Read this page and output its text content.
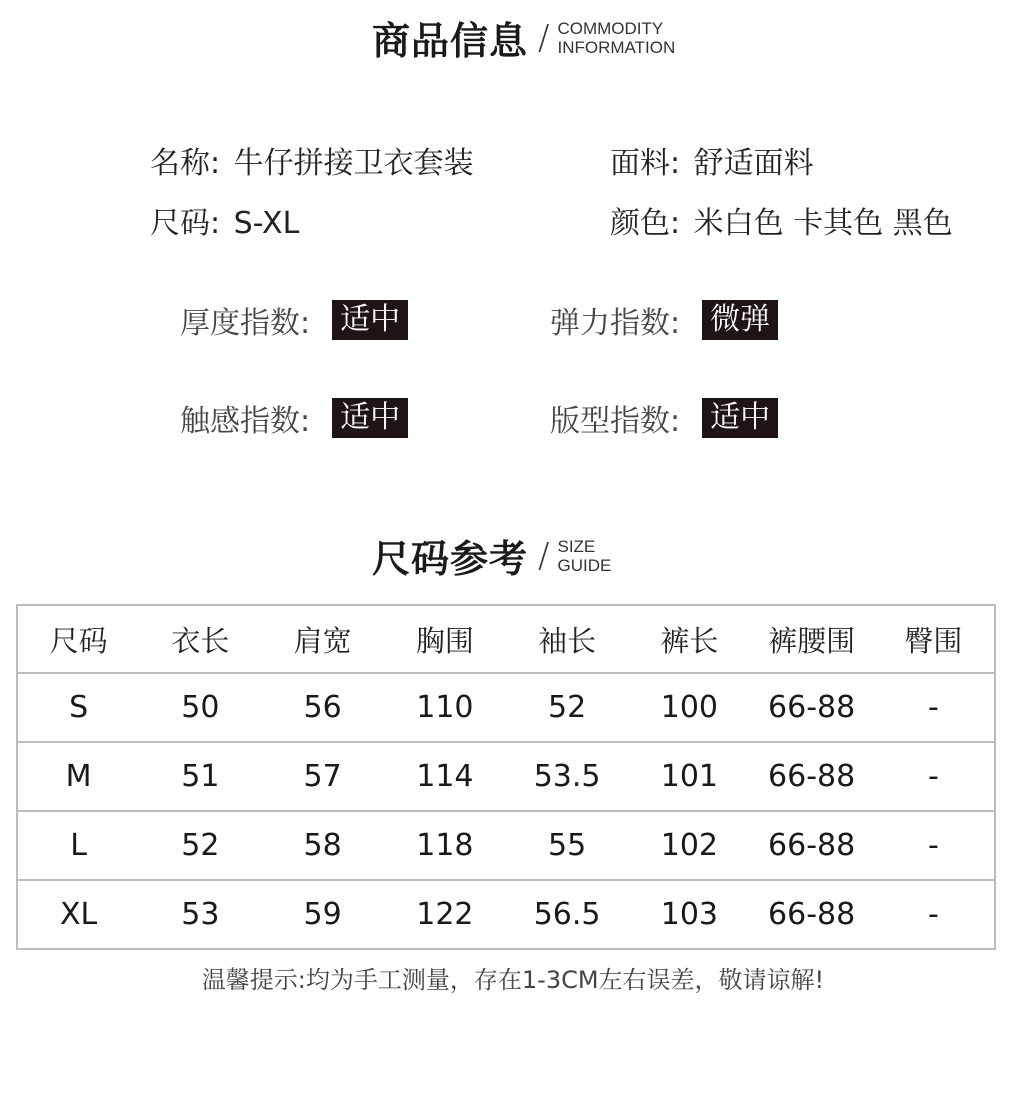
商品信息 / COMMODITY
INFORMATION
名称: 牛仔拼接卫衣套装	面料: 舒适面料
尺码: S-XL	颜色: 米白色 卡其色 黑色
厚度指数: 适中	弹力指数: 微弹
触感指数: 适中	版型指数: 适中
尺码参考 / SIZE
GUIDE
尺码	衣长	肩宽	胸围	袖长	裤长	裤腰围	臀围
S	50	56	110	52	100	66-88	-
M	51	57	114	53.5	101	66-88	-
L	52	58	118	55	102	66-88	-
XL	53	59	122	56.5	103	66-88	-
温馨提示:均为手工测量，存在1-3CM左右误差，敬请谅解!
